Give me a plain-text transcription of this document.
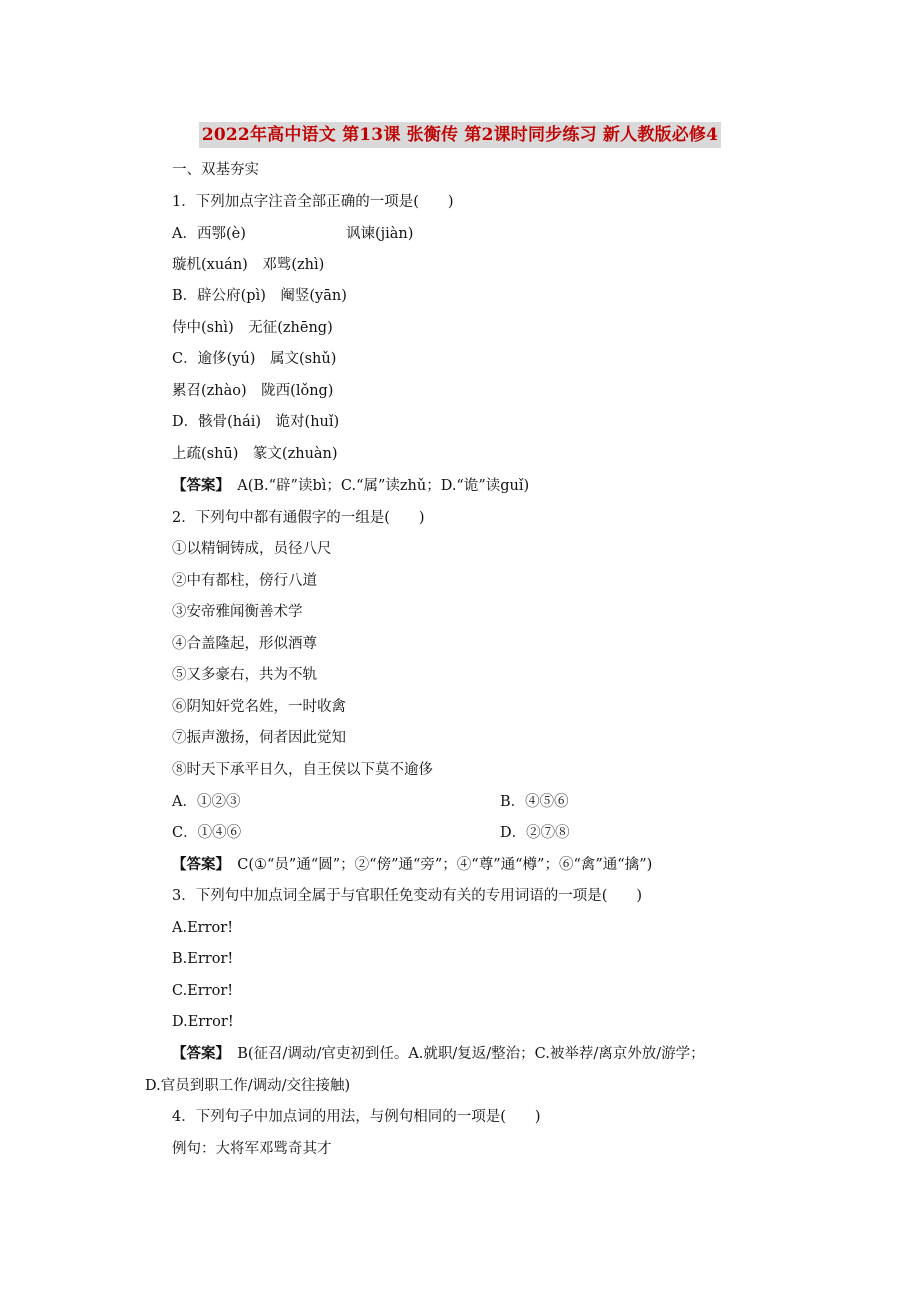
2022年高中语文 第13课 张衡传 第2课时同步练习 新人教版必修4
一、双基夯实
1．下列加点字注音全部正确的一项是(　　)
A．西鄂(è)	讽谏(jiàn)
璇机(xuán)　邓骘(zhì)
B．辟公府(pì)　阉竖(yān)
侍中(shì)　无征(zhēng)
C．逾侈(yú)　属文(shǔ)
累召(zhào)　陇西(lǒng)
D．骸骨(hái)　诡对(huǐ)
上疏(shū)　篆文(zhuàn)
【答案】　 A(B.“辟”读bì；C.“属”读zhǔ；D.“诡”读guǐ)
2．下列句中都有通假字的一组是(　　)
①以精铜铸成，员径八尺
②中有都柱，傍行八道
③安帝雅闻衡善术学
④合盖隆起，形似酒尊
⑤又多豪右，共为不轨
⑥阴知奸党名姓，一时收禽
⑦振声激扬，伺者因此觉知
⑧时天下承平日久，自王侯以下莫不逾侈
A．①②③	B．④⑤⑥
C．①④⑥	D．②⑦⑧
【答案】　 C(①“员”通“圆”；②“傍”通“旁”；④“尊”通“樽”；⑥“禽”通“擒”)
3．下列句中加点词全属于与官职任免变动有关的专用词语的一项是(　　)
A.Error!
B.Error!
C.Error!
D.Error!
【答案】　 B(征召/调动/官吏初到任。A.就职/复返/整治；C.被举荐/离京外放/游学；
D.官员到职工作/调动/交往接触)
4．下列句子中加点词的用法，与例句相同的一项是(　　)
例句：大将军邓骘奇其才
